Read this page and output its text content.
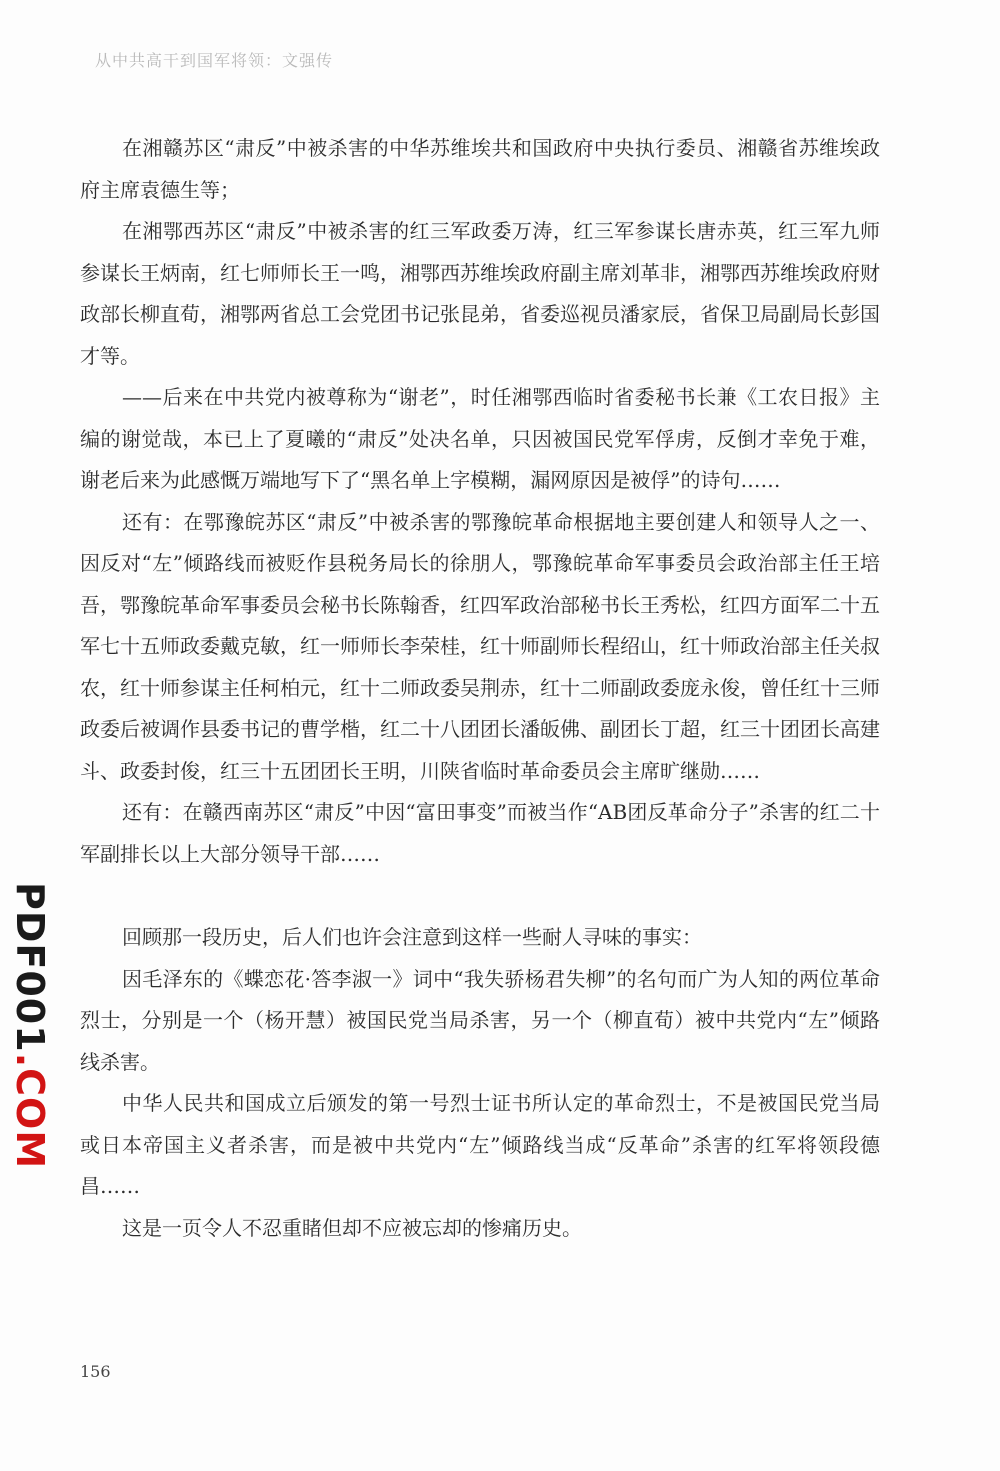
从中共高干到国军将领：文强传

在湘赣苏区“肃反”中被杀害的中华苏维埃共和国政府中央执行委员、湘赣省苏维埃政府主席袁德生等；

在湘鄂西苏区“肃反”中被杀害的红三军政委万涛，红三军参谋长唐赤英，红三军九师参谋长王炳南，红七师师长王一鸣，湘鄂西苏维埃政府副主席刘革非，湘鄂西苏维埃政府财政部长柳直荀，湘鄂两省总工会党团书记张昆弟，省委巡视员潘家辰，省保卫局副局长彭国才等。

——后来在中共党内被尊称为“谢老”，时任湘鄂西临时省委秘书长兼《工农日报》主编的谢觉哉，本已上了夏曦的“肃反”处决名单，只因被国民党军俘虏，反倒才幸免于难，谢老后来为此感慨万端地写下了“黑名单上字模糊，漏网原因是被俘”的诗句……

还有：在鄂豫皖苏区“肃反”中被杀害的鄂豫皖革命根据地主要创建人和领导人之一、因反对“左”倾路线而被贬作县税务局长的徐朋人，鄂豫皖革命军事委员会政治部主任王培吾，鄂豫皖革命军事委员会秘书长陈翰香，红四军政治部秘书长王秀松，红四方面军二十五军七十五师政委戴克敏，红一师师长李荣桂，红十师副师长程绍山，红十师政治部主任关叔农，红十师参谋主任柯柏元，红十二师政委吴荆赤，红十二师副政委庞永俊，曾任红十三师政委后被调作县委书记的曹学楷，红二十八团团长潘皈佛、副团长丁超，红三十团团长高建斗、政委封俊，红三十五团团长王明，川陕省临时革命委员会主席旷继勋……

还有：在赣西南苏区“肃反”中因“富田事变”而被当作“AB团反革命分子”杀害的红二十军副排长以上大部分领导干部……

回顾那一段历史，后人们也许会注意到这样一些耐人寻味的事实：

因毛泽东的《蝶恋花·答李淑一》词中“我失骄杨君失柳”的名句而广为人知的两位革命烈士，分别是一个（杨开慧）被国民党当局杀害，另一个（柳直荀）被中共党内“左”倾路线杀害。

中华人民共和国成立后颁发的第一号烈士证书所认定的革命烈士，不是被国民党当局或日本帝国主义者杀害，而是被中共党内“左”倾路线当成“反革命”杀害的红军将领段德昌……

这是一页令人不忍重睹但却不应被忘却的惨痛历史。

PDF001.COM
156
